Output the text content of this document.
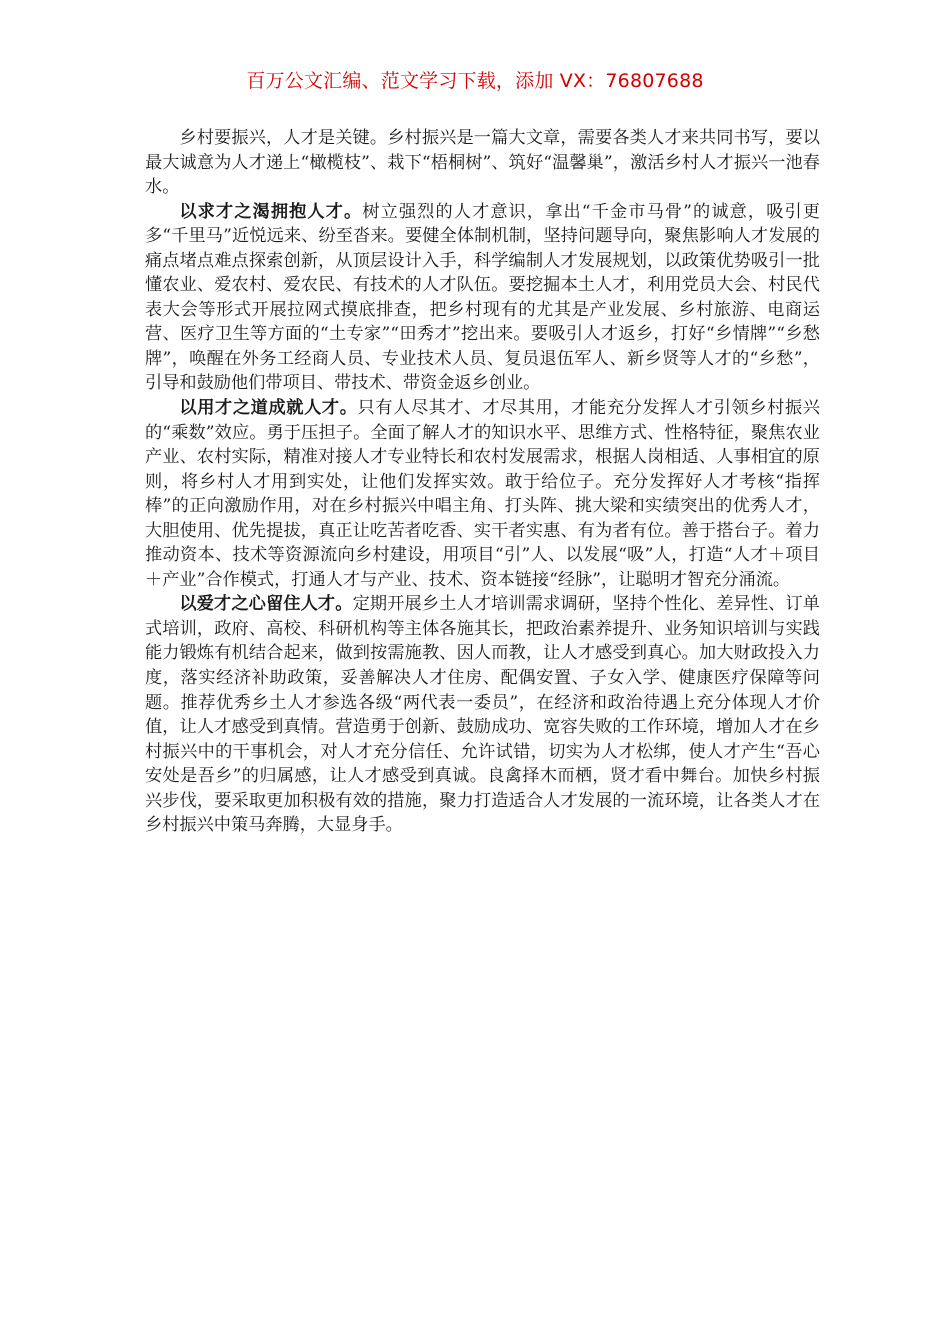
百万公文汇编、范文学习下载，添加 VX：76807688

乡村要振兴，人才是关键。乡村振兴是一篇大文章，需要各类人才来共同书写，要以最大诚意为人才递上“橄榄枝”、栽下“梧桐树”、筑好“温馨巢”，激活乡村人才振兴一池春水。

以求才之渴拥抱人才。树立强烈的人才意识，拿出“千金市马骨”的诚意，吸引更多“千里马”近悦远来、纷至沓来。要健全体制机制，坚持问题导向，聚焦影响人才发展的痛点堵点难点探索创新，从顶层设计入手，科学编制人才发展规划，以政策优势吸引一批懂农业、爱农村、爱农民、有技术的人才队伍。要挖掘本土人才，利用党员大会、村民代表大会等形式开展拉网式摸底排查，把乡村现有的尤其是产业发展、乡村旅游、电商运营、医疗卫生等方面的“土专家”“田秀才”挖出来。要吸引人才返乡，打好“乡情牌”“乡愁牌”，唤醒在外务工经商人员、专业技术人员、复员退伍军人、新乡贤等人才的“乡愁”，引导和鼓励他们带项目、带技术、带资金返乡创业。

以用才之道成就人才。只有人尽其才、才尽其用，才能充分发挥人才引领乡村振兴的“乘数”效应。勇于压担子。全面了解人才的知识水平、思维方式、性格特征，聚焦农业产业、农村实际，精准对接人才专业特长和农村发展需求，根据人岗相适、人事相宜的原则，将乡村人才用到实处，让他们发挥实效。敢于给位子。充分发挥好人才考核“指挥棒”的正向激励作用，对在乡村振兴中唱主角、打头阵、挑大梁和实绩突出的优秀人才，大胆使用、优先提拔，真正让吃苦者吃香、实干者实惠、有为者有位。善于搭台子。着力推动资本、技术等资源流向乡村建设，用项目“引”人、以发展“吸”人，打造“人才＋项目＋产业”合作模式，打通人才与产业、技术、资本链接“经脉”，让聪明才智充分涌流。

以爱才之心留住人才。定期开展乡土人才培训需求调研，坚持个性化、差异性、订单式培训，政府、高校、科研机构等主体各施其长，把政治素养提升、业务知识培训与实践能力锻炼有机结合起来，做到按需施教、因人而教，让人才感受到真心。加大财政投入力度，落实经济补助政策，妥善解决人才住房、配偶安置、子女入学、健康医疗保障等问题。推荐优秀乡土人才参选各级“两代表一委员”，在经济和政治待遇上充分体现人才价值，让人才感受到真情。营造勇于创新、鼓励成功、宽容失败的工作环境，增加人才在乡村振兴中的干事机会，对人才充分信任、允许试错，切实为人才松绑，使人才产生“吾心安处是吾乡”的归属感，让人才感受到真诚。良禽择木而栖，贤才看中舞台。加快乡村振兴步伐，要采取更加积极有效的措施，聚力打造适合人才发展的一流环境，让各类人才在乡村振兴中策马奔腾，大显身手。
